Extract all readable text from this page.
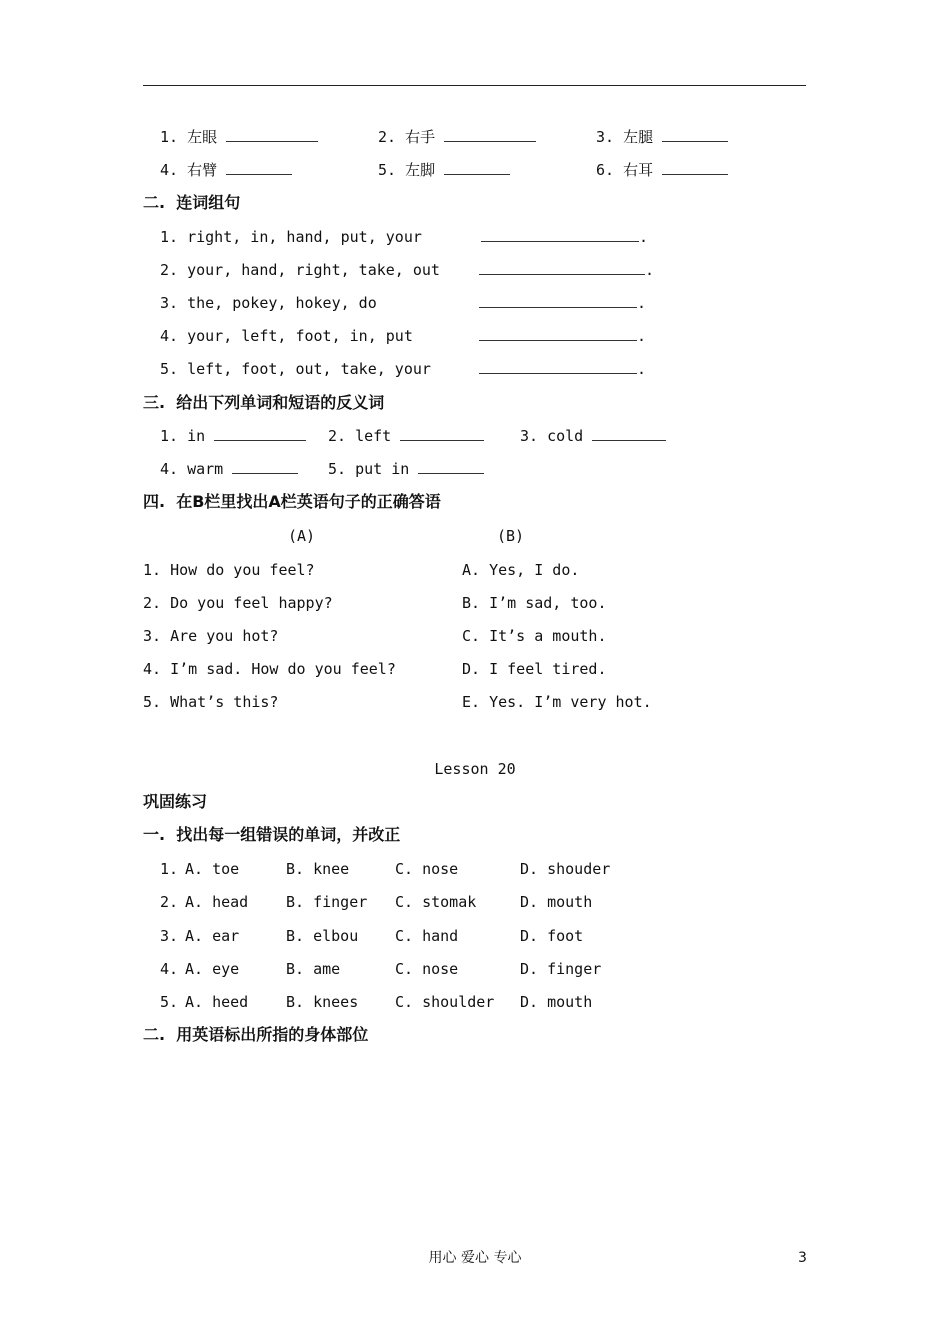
1. 左眼	2. 右手	3. 左腿
4. 右臂	5. 左脚	6. 右耳
二.  连词组句
1. right, in, hand, put, your	.
2. your, hand, right, take, out	.
3. the, pokey, hokey, do	.
4. your, left, foot, in, put	.
5. left, foot, out, take, your	.
三.  给出下列单词和短语的反义词
1. in	2. left	3. cold
4. warm	5. put in
四.  在B栏里找出A栏英语句子的正确答语
(A)	(B)
1. How do you feel?	A. Yes, I do.
2. Do you feel happy?	B. I’m sad, too.
3. Are you hot?	C. It’s a mouth.
4. I’m sad. How do you feel?	D. I feel tired.
5. What’s this?	E. Yes. I’m very hot.
Lesson 20
巩固练习
一.  找出每一组错误的单词，并改正
1. A. toe	B. knee	C. nose	D. shouder
2. A. head	B. finger C. stomak	D. mouth
3. A. ear	B. elbou C. hand	D. foot
4. A. eye	B. ame	C. nose	D. finger
5. A. heed	B. knees C. shoulder D. mouth
二.  用英语标出所指的身体部位
用心 爱心 专心	3
